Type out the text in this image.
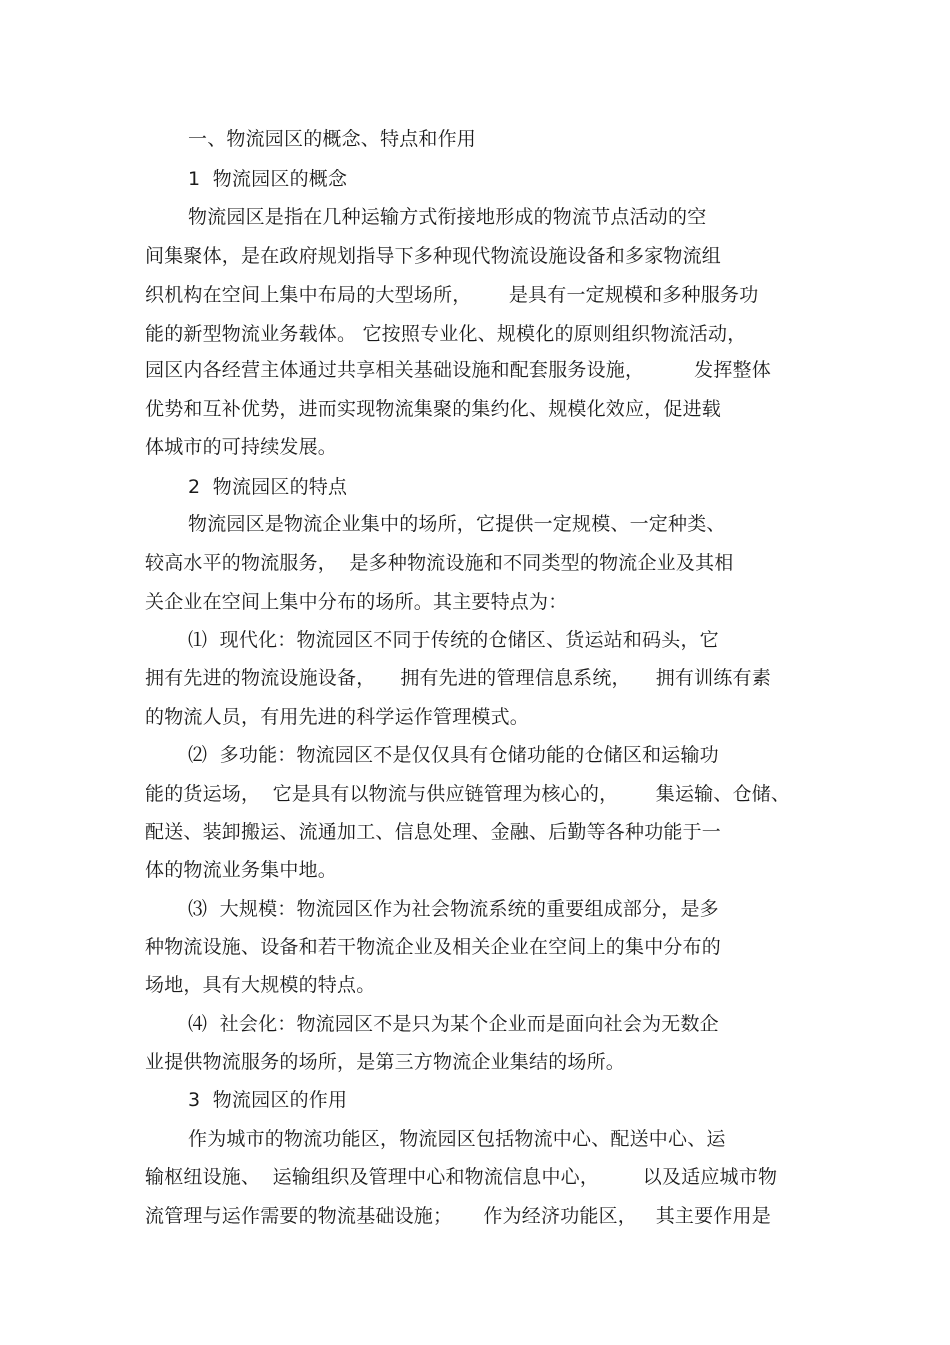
一、物流园区的概念、特点和作用
1  物流园区的概念
物流园区是指在几种运输方式衔接地形成的物流节点活动的空
间集聚体，是在政府规划指导下多种现代物流设施设备和多家物流组
织机构在空间上集中布局的大型场所，      是具有一定规模和多种服务功
能的新型物流业务载体。 它按照专业化、规模化的原则组织物流活动，
园区内各经营主体通过共享相关基础设施和配套服务设施，        发挥整体
优势和互补优势，进而实现物流集聚的集约化、规模化效应，促进载
体城市的可持续发展。
2  物流园区的特点
物流园区是物流企业集中的场所，它提供一定规模、一定种类、
较高水平的物流服务，  是多种物流设施和不同类型的物流企业及其相
关企业在空间上集中分布的场所。其主要特点为：
⑴  现代化：物流园区不同于传统的仓储区、货运站和码头，它
拥有先进的物流设施设备，    拥有先进的管理信息系统，    拥有训练有素
的物流人员，有用先进的科学运作管理模式。
⑵  多功能：物流园区不是仅仅具有仓储功能的仓储区和运输功
能的货运场，  它是具有以物流与供应链管理为核心的，      集运输、仓储、
配送、装卸搬运、流通加工、信息处理、金融、后勤等各种功能于一
体的物流业务集中地。
⑶  大规模：物流园区作为社会物流系统的重要组成部分，是多
种物流设施、设备和若干物流企业及相关企业在空间上的集中分布的
场地，具有大规模的特点。
⑷  社会化：物流园区不是只为某个企业而是面向社会为无数企
业提供物流服务的场所，是第三方物流企业集结的场所。
3  物流园区的作用
作为城市的物流功能区，物流园区包括物流中心、配送中心、运
输枢纽设施、  运输组织及管理中心和物流信息中心，       以及适应城市物
流管理与运作需要的物流基础设施；     作为经济功能区，   其主要作用是
